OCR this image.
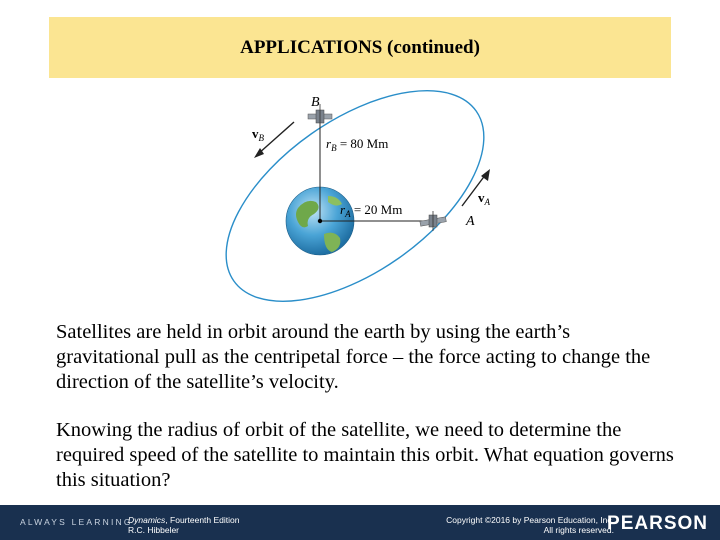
APPLICATIONS (continued)
B
A
$v_B$
$v_A$
$r_B = 80$ Mm
$r_A = 20$ Mm

Satellites are held in orbit around the earth by using the earth’s gravitational pull as the centripetal force – the force acting to change the direction of the satellite’s velocity.

Knowing the radius of orbit of the satellite, we need to determine the required speed of the satellite to maintain this orbit. What equation governs this situation?

ALWAYS LEARNING
Dynamics, Fourteenth Edition
R.C. Hibbeler
Copyright ©2016 by Pearson Education, Inc.
All rights reserved.
PEARSON
